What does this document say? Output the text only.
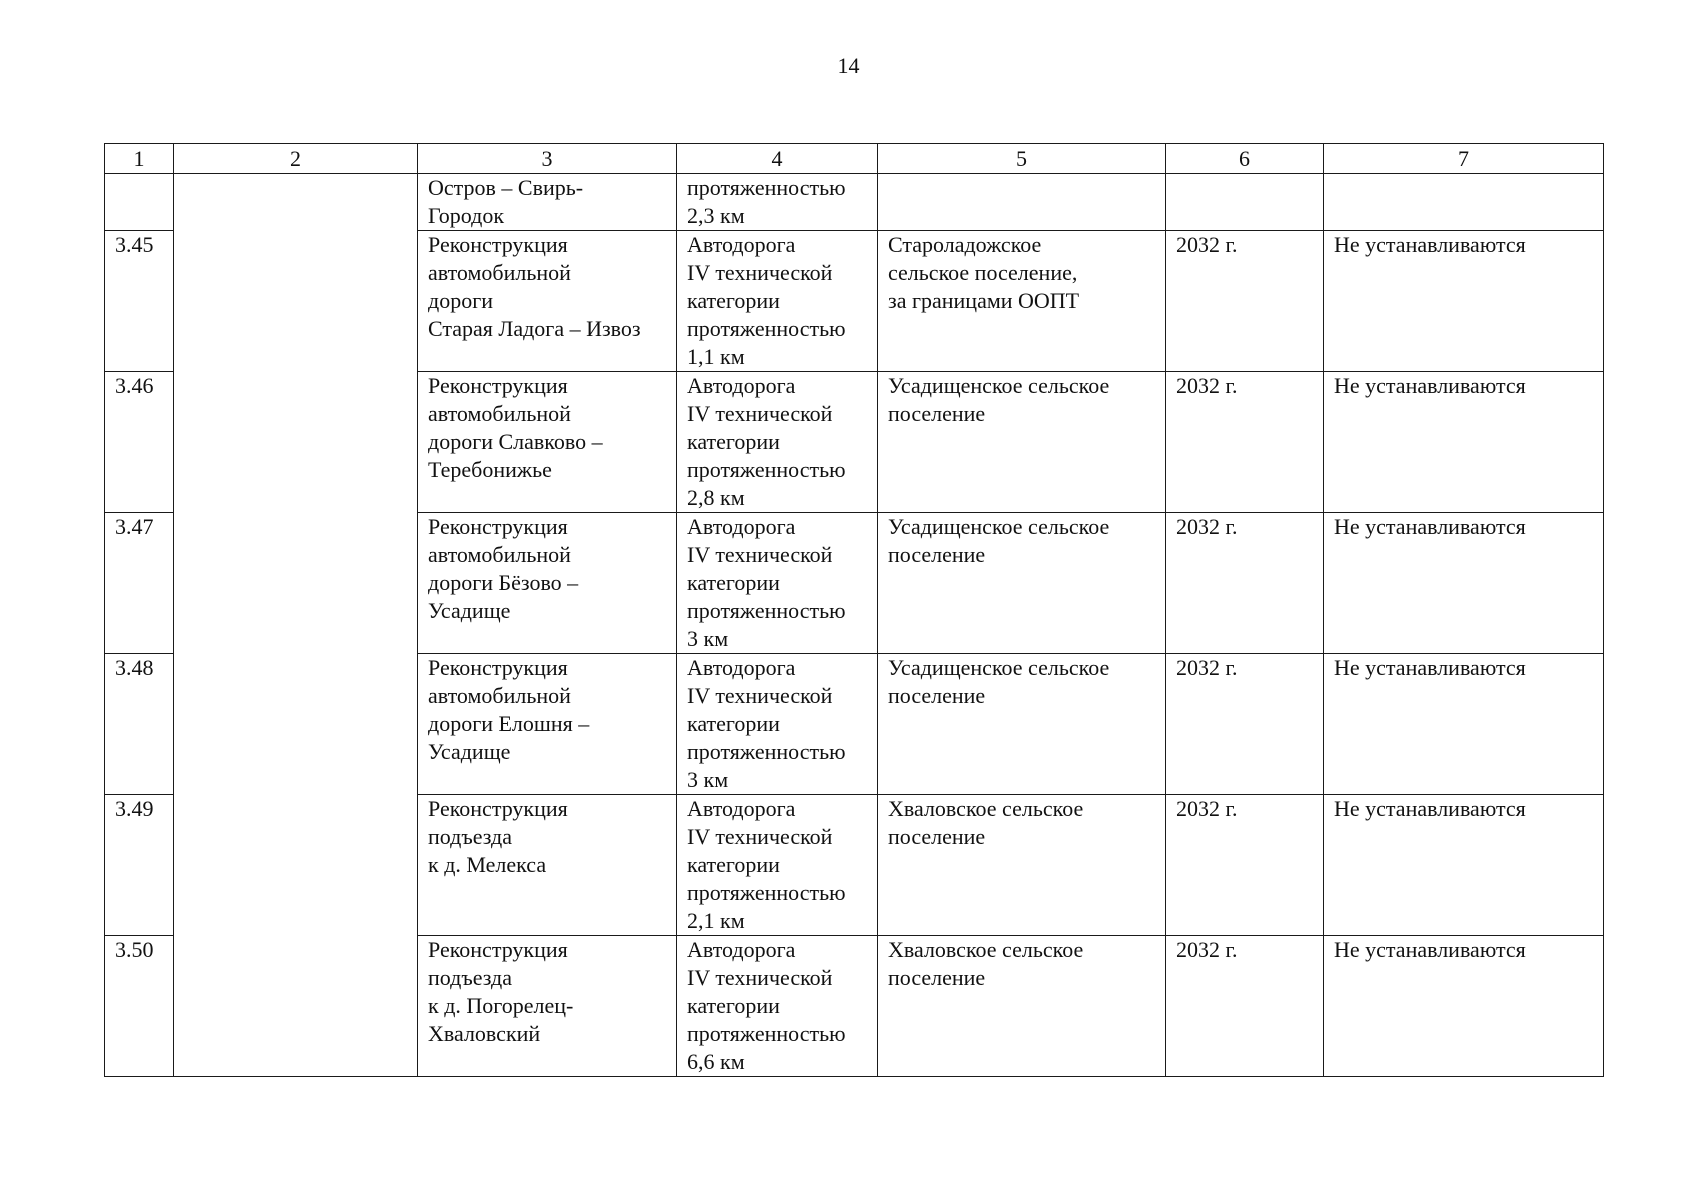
14
1	2	3	4	5	6	7
		Остров – Свирь-
Городок	протяженностью
2,3 км			
3.45		Реконструкция
автомобильной
дороги
Старая Ладога – Извоз	Автодорога
IV технической
категории
протяженностью
1,1 км	Староладожское
сельское поселение,
за границами ООПТ	2032 г.	Не устанавливаются
3.46		Реконструкция
автомобильной
дороги Славково –
Теребонижье	Автодорога
IV технической
категории
протяженностью
2,8 км	Усадищенское сельское
поселение	2032 г.	Не устанавливаются
3.47		Реконструкция
автомобильной
дороги Бёзово –
Усадище	Автодорога
IV технической
категории
протяженностью
3 км	Усадищенское сельское
поселение	2032 г.	Не устанавливаются
3.48		Реконструкция
автомобильной
дороги Елошня –
Усадище	Автодорога
IV технической
категории
протяженностью
3 км	Усадищенское сельское
поселение	2032 г.	Не устанавливаются
3.49		Реконструкция
подъезда
к д. Мелекса	Автодорога
IV технической
категории
протяженностью
2,1 км	Хваловское сельское
поселение	2032 г.	Не устанавливаются
3.50		Реконструкция
подъезда
к д. Погорелец-
Хваловский	Автодорога
IV технической
категории
протяженностью
6,6 км	Хваловское сельское
поселение	2032 г.	Не устанавливаются
